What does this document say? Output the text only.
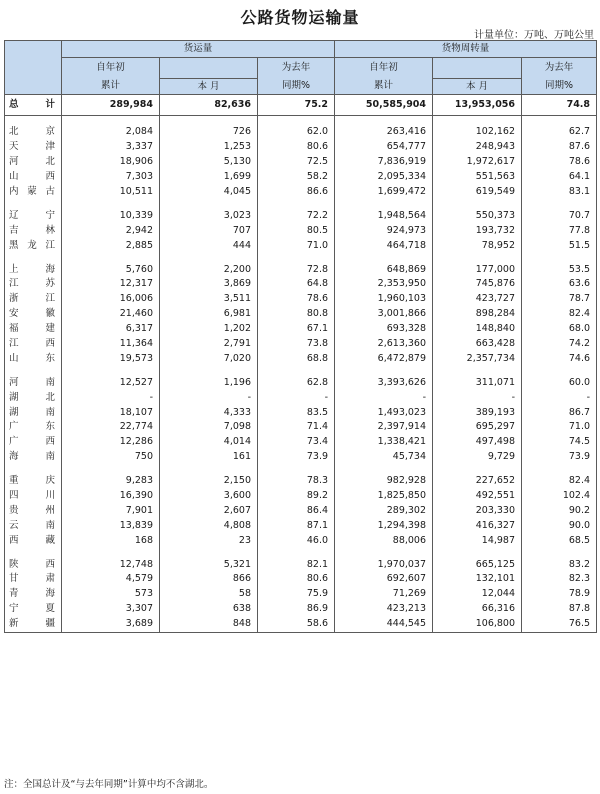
公路货物运输量
计量单位：万吨、万吨公里
	货运量			货物周转量		
	自年初		为去年	自年初		为去年
	累计	本 月	同期%	累计	本 月	同期%
总 计	289,984	82,636	75.2	50,585,904	13,953,056	74.8

北京	2,084	726	62.0	263,416	102,162	62.7
天津	3,337	1,253	80.6	654,777	248,943	87.6
河北	18,906	5,130	72.5	7,836,919	1,972,617	78.6
山西	7,303	1,699	58.2	2,095,334	551,563	64.1
内蒙古	10,511	4,045	86.6	1,699,472	619,549	83.1

辽宁	10,339	3,023	72.2	1,948,564	550,373	70.7
吉林	2,942	707	80.5	924,973	193,732	77.8
黑龙江	2,885	444	71.0	464,718	78,952	51.5

上海	5,760	2,200	72.8	648,869	177,000	53.5
江苏	12,317	3,869	64.8	2,353,950	745,876	63.6
浙江	16,006	3,511	78.6	1,960,103	423,727	78.7
安徽	21,460	6,981	80.8	3,001,866	898,284	82.4
福建	6,317	1,202	67.1	693,328	148,840	68.0
江西	11,364	2,791	73.8	2,613,360	663,428	74.2
山东	19,573	7,020	68.8	6,472,879	2,357,734	74.6

河南	12,527	1,196	62.8	3,393,626	311,071	60.0
湖北	-	-	-	-	-	-
湖南	18,107	4,333	83.5	1,493,023	389,193	86.7
广东	22,774	7,098	71.4	2,397,914	695,297	71.0
广西	12,286	4,014	73.4	1,338,421	497,498	74.5
海南	750	161	73.9	45,734	9,729	73.9

重庆	9,283	2,150	78.3	982,928	227,652	82.4
四川	16,390	3,600	89.2	1,825,850	492,551	102.4
贵州	7,901	2,607	86.4	289,302	203,330	90.2
云南	13,839	4,808	87.1	1,294,398	416,327	90.0
西藏	168	23	46.0	88,006	14,987	68.5

陕西	12,748	5,321	82.1	1,970,037	665,125	83.2
甘肃	4,579	866	80.6	692,607	132,101	82.3
青海	573	58	75.9	71,269	12,044	78.9
宁夏	3,307	638	86.9	423,213	66,316	87.8
新疆	3,689	848	58.6	444,545	106,800	76.5
注：全国总计及“与去年同期”计算中均不含湖北。
